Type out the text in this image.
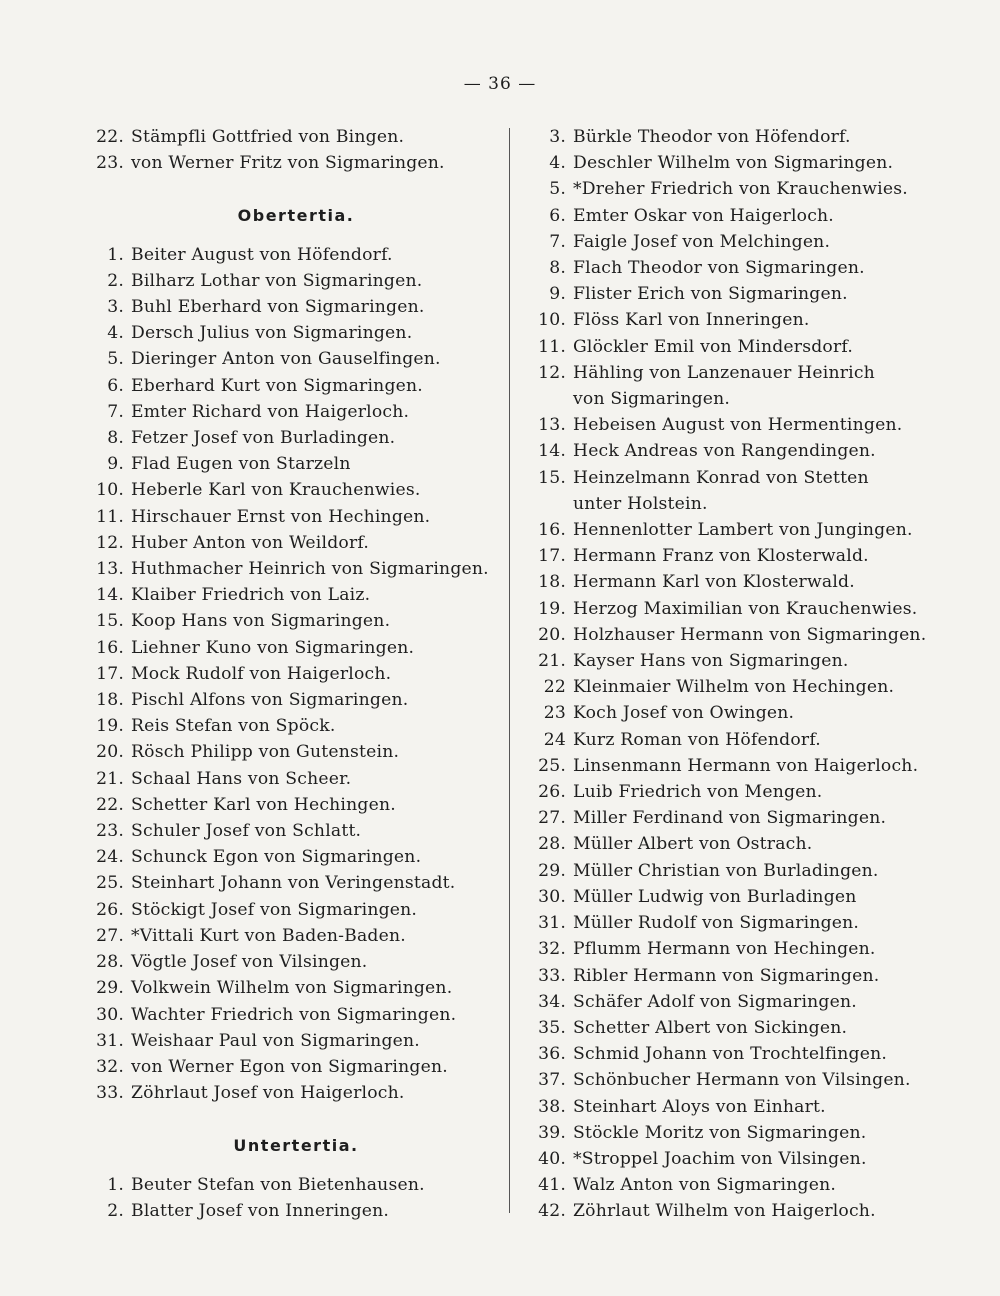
— 36 —
22. Stämpfli Gottfried von Bingen.
23. von Werner Fritz von Sigmaringen.
Obertertia.
1. Beiter August von Höfendorf.
2. Bilharz Lothar von Sigmaringen.
3. Buhl Eberhard von Sigmaringen.
4. Dersch Julius von Sigmaringen.
5. Dieringer Anton von Gauselfingen.
6. Eberhard Kurt von Sigmaringen.
7. Emter Richard von Haigerloch.
8. Fetzer Josef von Burladingen.
9. Flad Eugen von Starzeln
10. Heberle Karl von Krauchenwies.
11. Hirschauer Ernst von Hechingen.
12. Huber Anton von Weildorf.
13. Huthmacher Heinrich von Sigmaringen.
14. Klaiber Friedrich von Laiz.
15. Koop Hans von Sigmaringen.
16. Liehner Kuno von Sigmaringen.
17. Mock Rudolf von Haigerloch.
18. Pischl Alfons von Sigmaringen.
19. Reis Stefan von Spöck.
20. Rösch Philipp von Gutenstein.
21. Schaal Hans von Scheer.
22. Schetter Karl von Hechingen.
23. Schuler Josef von Schlatt.
24. Schunck Egon von Sigmaringen.
25. Steinhart Johann von Veringenstadt.
26. Stöckigt Josef von Sigmaringen.
27. *Vittali Kurt von Baden-Baden.
28. Vögtle Josef von Vilsingen.
29. Volkwein Wilhelm von Sigmaringen.
30. Wachter Friedrich von Sigmaringen.
31. Weishaar Paul von Sigmaringen.
32. von Werner Egon von Sigmaringen.
33. Zöhrlaut Josef von Haigerloch.
Untertertia.
1. Beuter Stefan von Bietenhausen.
2. Blatter Josef von Inneringen.
3. Bürkle Theodor von Höfendorf.
4. Deschler Wilhelm von Sigmaringen.
5. *Dreher Friedrich von Krauchenwies.
6. Emter Oskar von Haigerloch.
7. Faigle Josef von Melchingen.
8. Flach Theodor von Sigmaringen.
9. Flister Erich von Sigmaringen.
10. Flöss Karl von Inneringen.
11. Glöckler Emil von Mindersdorf.
12. Hähling von Lanzenauer Heinrich
von Sigmaringen.
13. Hebeisen August von Hermentingen.
14. Heck Andreas von Rangendingen.
15. Heinzelmann Konrad von Stetten
unter Holstein.
16. Hennenlotter Lambert von Jungingen.
17. Hermann Franz von Klosterwald.
18. Hermann Karl von Klosterwald.
19. Herzog Maximilian von Krauchenwies.
20. Holzhauser Hermann von Sigmaringen.
21. Kayser Hans von Sigmaringen.
22 Kleinmaier Wilhelm von Hechingen.
23 Koch Josef von Owingen.
24 Kurz Roman von Höfendorf.
25. Linsenmann Hermann von Haigerloch.
26. Luib Friedrich von Mengen.
27. Miller Ferdinand von Sigmaringen.
28. Müller Albert von Ostrach.
29. Müller Christian von Burladingen.
30. Müller Ludwig von Burladingen
31. Müller Rudolf von Sigmaringen.
32. Pflumm Hermann von Hechingen.
33. Ribler Hermann von Sigmaringen.
34. Schäfer Adolf von Sigmaringen.
35. Schetter Albert von Sickingen.
36. Schmid Johann von Trochtelfingen.
37. Schönbucher Hermann von Vilsingen.
38. Steinhart Aloys von Einhart.
39. Stöckle Moritz von Sigmaringen.
40. *Stroppel Joachim von Vilsingen.
41. Walz Anton von Sigmaringen.
42. Zöhrlaut Wilhelm von Haigerloch.
